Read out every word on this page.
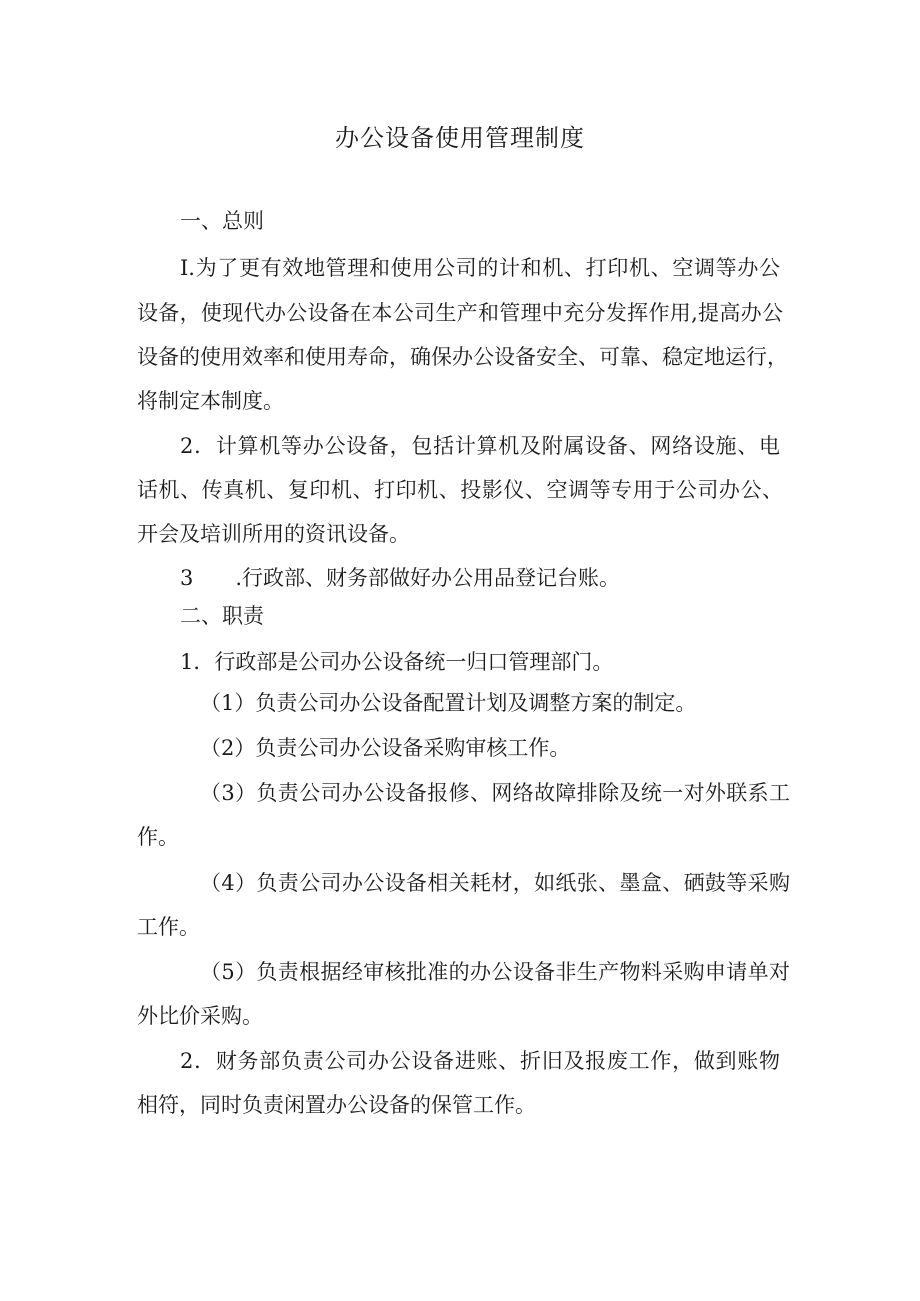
办公设备使用管理制度
一、总则
I.为了更有效地管理和使用公司的计和机、打印机、空调等办公
设备，使现代办公设备在本公司生产和管理中充分发挥作用,提高办公
设备的使用效率和使用寿命，确保办公设备安全、可靠、稳定地运行，
将制定本制度。
2．计算机等办公设备，包括计算机及附属设备、网络设施、电
话机、传真机、复印机、打印机、投影仪、空调等专用于公司办公、
开会及培训所用的资讯设备。
3 .行政部、财务部做好办公用品登记台账。
二、职责
1．行政部是公司办公设备统一归口管理部门。
（1）负责公司办公设备配置计划及调整方案的制定。
（2）负责公司办公设备采购审核工作。
（3）负责公司办公设备报修、网络故障排除及统一对外联系工
作。
（4）负责公司办公设备相关耗材，如纸张、墨盒、硒鼓等采购
工作。
（5）负责根据经审核批准的办公设备非生产物料采购申请单对
外比价采购。
2．财务部负责公司办公设备进账、折旧及报废工作，做到账物
相符，同时负责闲置办公设备的保管工作。
